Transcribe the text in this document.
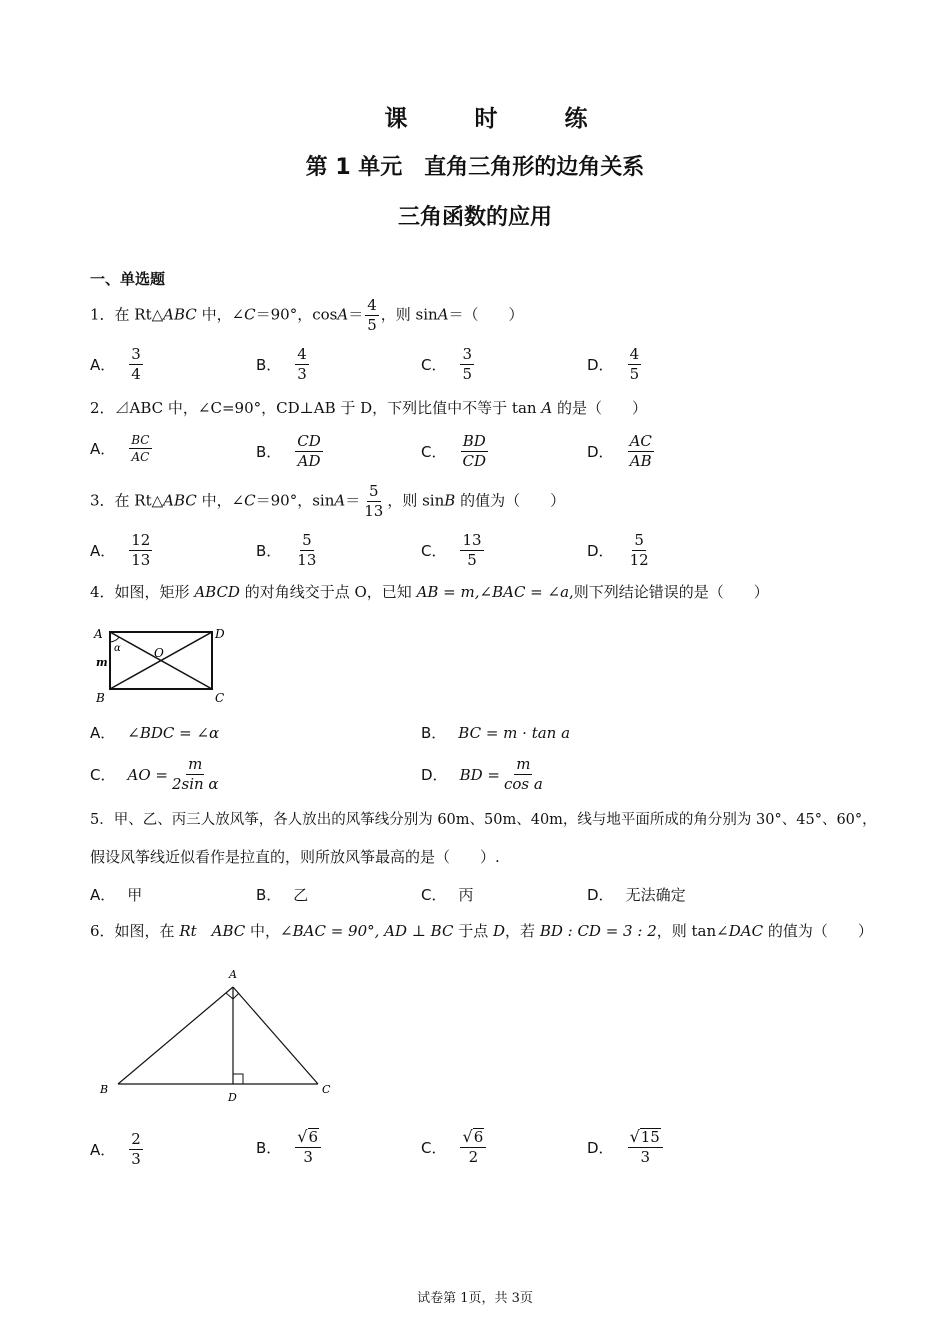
课　时　练
第 1 单元　直角三角形的边角关系
三角函数的应用
一、单选题
1．在 Rt△ABC 中，∠C＝90°，$\cos A= \frac{4}{5}$ ，则 sinA＝（　　）
A． $\frac{3}{4}$	B． $\frac{4}{3}$	C． $\frac{3}{5}$	D． $\frac{4}{5}$
2．⊿ABC 中，∠C=90°，CD⊥AB 于 D，下列比值中不等于 tan A 的是（　　）
A． $\frac{BC}{AC}$	B． $\frac{CD}{AD}$	C． $\frac{BD}{CD}$	D． $\frac{AC}{AB}$
3．在 Rt△ABC 中，∠C＝90°，$\sin A= \frac{5}{13}$ ，则 sinB 的值为（　　）
A． $\frac{12}{13}$	B． $\frac{5}{13}$	C． $\frac{13}{5}$	D． $\frac{5}{12}$
4．如图，矩形 ABCD 的对角线交于点 O，已知 AB = m,∠BAC = ∠a,则下列结论错误的是（　　）
A	D
B	C
O
m
α
A． ∠BDC = ∠α	B． BC = m · tan a
C． AO = $\frac{m}{\text{2sin α}}$	D． BD = $\frac{m}{\text{cos a}}$
5．甲、乙、丙三人放风筝，各人放出的风筝线分别为 60m、50m、40m，线与地平面所成的角分别为 30°、45°、60°，
假设风筝线近似看作是拉直的，则所放风筝最高的是（　　）.
A． 甲	B． 乙	C． 丙	D． 无法确定
6．如图，在 Rt　ABC 中，∠BAC = 90°, AD ⊥ BC 于点 D，若 BD : CD = 3 : 2，则 tan∠DAC 的值为（　　）
A
B	C
D
A． $\frac{2}{3}$	B． $\frac{√ 6}{3}$	C． $\frac{√ 6}{2}$	D． $\frac{√ 15}{3}$
试卷第 1页，共 3页
